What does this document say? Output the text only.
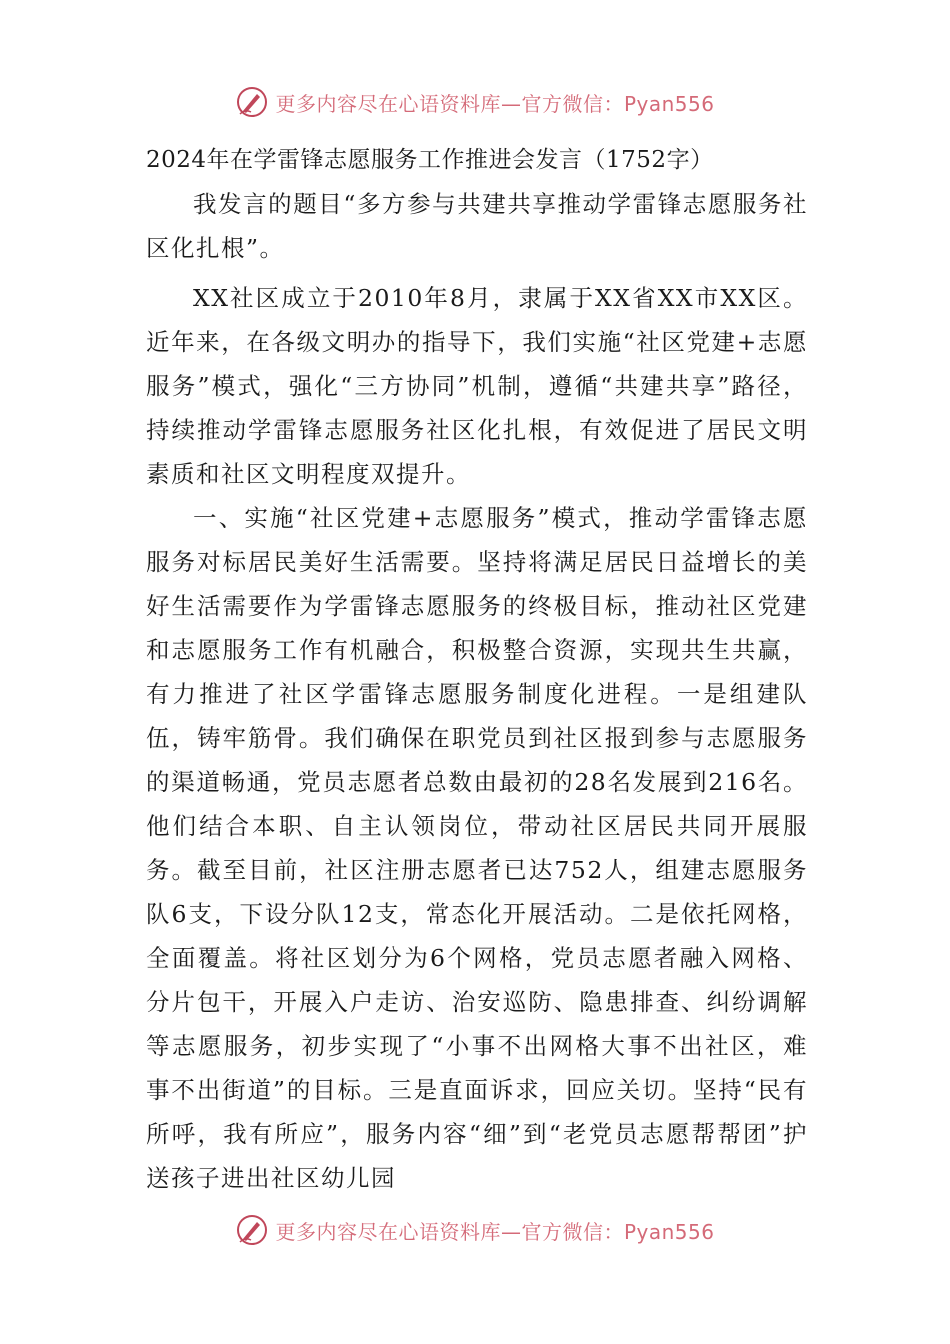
更多内容尽在心语资料库—官方微信：Pyan556

2024年在学雷锋志愿服务工作推进会发言（1752字）

我发言的题目“多方参与共建共享推动学雷锋志愿服务社区化扎根”。

XX社区成立于2010年8月，隶属于XX省XX市XX区。近年来，在各级文明办的指导下，我们实施“社区党建+志愿服务”模式，强化“三方协同”机制，遵循“共建共享”路径，持续推动学雷锋志愿服务社区化扎根，有效促进了居民文明素质和社区文明程度双提升。

一、实施“社区党建+志愿服务”模式，推动学雷锋志愿服务对标居民美好生活需要。坚持将满足居民日益增长的美好生活需要作为学雷锋志愿服务的终极目标，推动社区党建和志愿服务工作有机融合，积极整合资源，实现共生共赢，有力推进了社区学雷锋志愿服务制度化进程。一是组建队伍，铸牢筋骨。我们确保在职党员到社区报到参与志愿服务的渠道畅通，党员志愿者总数由最初的28名发展到216名。他们结合本职、自主认领岗位，带动社区居民共同开展服务。截至目前，社区注册志愿者已达752人，组建志愿服务队6支，下设分队12支，常态化开展活动。二是依托网格，全面覆盖。将社区划分为6个网格，党员志愿者融入网格、分片包干，开展入户走访、治安巡防、隐患排查、纠纷调解等志愿服务，初步实现了“小事不出网格大事不出社区，难事不出街道”的目标。三是直面诉求，回应关切。坚持“民有所呼，我有所应”，服务内容“细”到“老党员志愿帮帮团”护送孩子进出社区幼儿园

更多内容尽在心语资料库—官方微信：Pyan556
